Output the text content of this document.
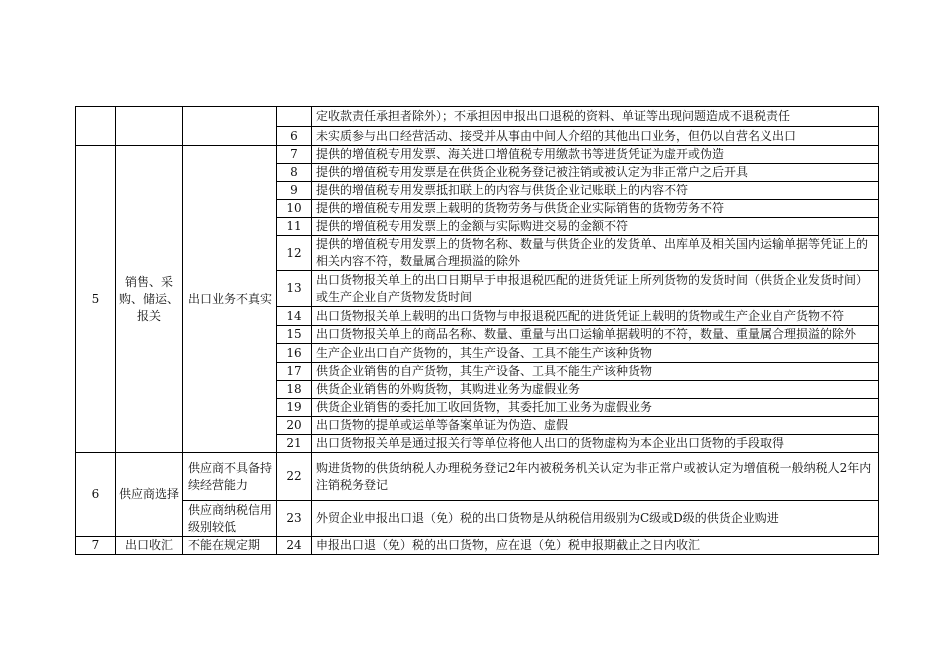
				定收款责任承担者除外）；不承担因申报出口退税的资料、单证等出现问题造成不退税责任
			6	未实质参与出口经营活动、接受并从事由中间人介绍的其他出口业务，但仍以自营名义出口
5	销售、采购、储运、报关	出口业务不真实	7	提供的增值税专用发票、海关进口增值税专用缴款书等进货凭证为虚开或伪造
			8	提供的增值税专用发票是在供货企业税务登记被注销或被认定为非正常户之后开具
			9	提供的增值税专用发票抵扣联上的内容与供货企业记账联上的内容不符
			10	提供的增值税专用发票上载明的货物劳务与供货企业实际销售的货物劳务不符
			11	提供的增值税专用发票上的金额与实际购进交易的金额不符
			12	提供的增值税专用发票上的货物名称、数量与供货企业的发货单、出库单及相关国内运输单据等凭证上的相关内容不符，数量属合理损溢的除外
			13	出口货物报关单上的出口日期早于申报退税匹配的进货凭证上所列货物的发货时间（供货企业发货时间）或生产企业自产货物发货时间
			14	出口货物报关单上载明的出口货物与申报退税匹配的进货凭证上载明的货物或生产企业自产货物不符
			15	出口货物报关单上的商品名称、数量、重量与出口运输单据载明的不符，数量、重量属合理损溢的除外
			16	生产企业出口自产货物的，其生产设备、工具不能生产该种货物
			17	供货企业销售的自产货物，其生产设备、工具不能生产该种货物
			18	供货企业销售的外购货物，其购进业务为虚假业务
			19	供货企业销售的委托加工收回货物，其委托加工业务为虚假业务
			20	出口货物的提单或运单等备案单证为伪造、虚假
			21	出口货物报关单是通过报关行等单位将他人出口的货物虚构为本企业出口货物的手段取得
6	供应商选择	供应商不具备持续经营能力	22	购进货物的供货纳税人办理税务登记2年内被税务机关认定为非正常户或被认定为增值税一般纳税人2年内注销税务登记
		供应商纳税信用级别较低	23	外贸企业申报出口退（免）税的出口货物是从纳税信用级别为C级或D级的供货企业购进
7	出口收汇	不能在规定期	24	申报出口退（免）税的出口货物，应在退（免）税申报期截止之日内收汇
